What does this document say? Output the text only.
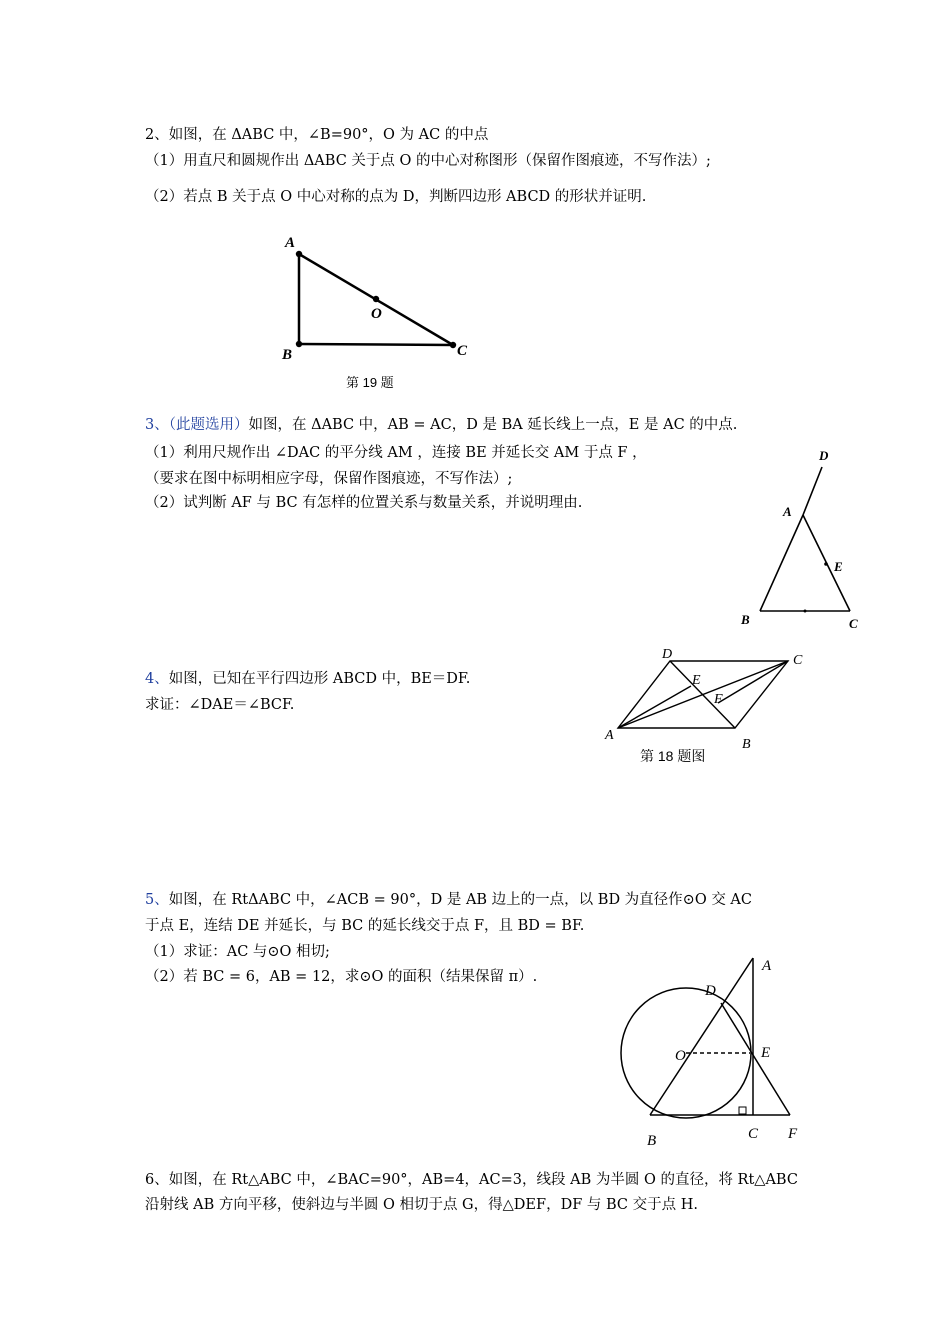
2、如图，在 ΔABC 中，∠B=90°，O 为 AC 的中点
（1）用直尺和圆规作出 ΔABC 关于点 O 的中心对称图形（保留作图痕迹，不写作法）;
（2）若点 B 关于点 O 中心对称的点为 D，判断四边形 ABCD 的形状并证明.
A
B	C
O
第 19 题
3、（此题选用）如图，在 ΔABC 中，AB = AC，D 是 BA 延长线上一点，E 是 AC 的中点.
（1）利用尺规作出 ∠DAC 的平分线 AM ，连接 BE 并延长交 AM 于点 F ，
（要求在图中标明相应字母，保留作图痕迹，不写作法）;
（2）试判断 AF 与 BC 有怎样的位置关系与数量关系，并说明理由.
D
A
E
B	C
4、如图，已知在平行四边形 ABCD 中，BE＝DF.
求证：∠DAE＝∠BCF.
D	C
E
F
A
B
第 18 题图
5、如图，在 RtΔABC 中，∠ACB = 90°，D 是 AB 边上的一点，以 BD 为直径作⊙O 交 AC
于点 E，连结 DE 并延长，与 BC 的延长线交于点 F，且 BD = BF.
（1）求证：AC 与⊙O 相切;
（2）若 BC = 6，AB = 12，求⊙O 的面积（结果保留 π）.
A
D
O	E
B	C F
6、如图，在 Rt△ABC 中，∠BAC=90°，AB=4，AC=3，线段 AB 为半圆 O 的直径，将 Rt△ABC
沿射线 AB 方向平移，使斜边与半圆 O 相切于点 G，得△DEF，DF 与 BC 交于点 H.
